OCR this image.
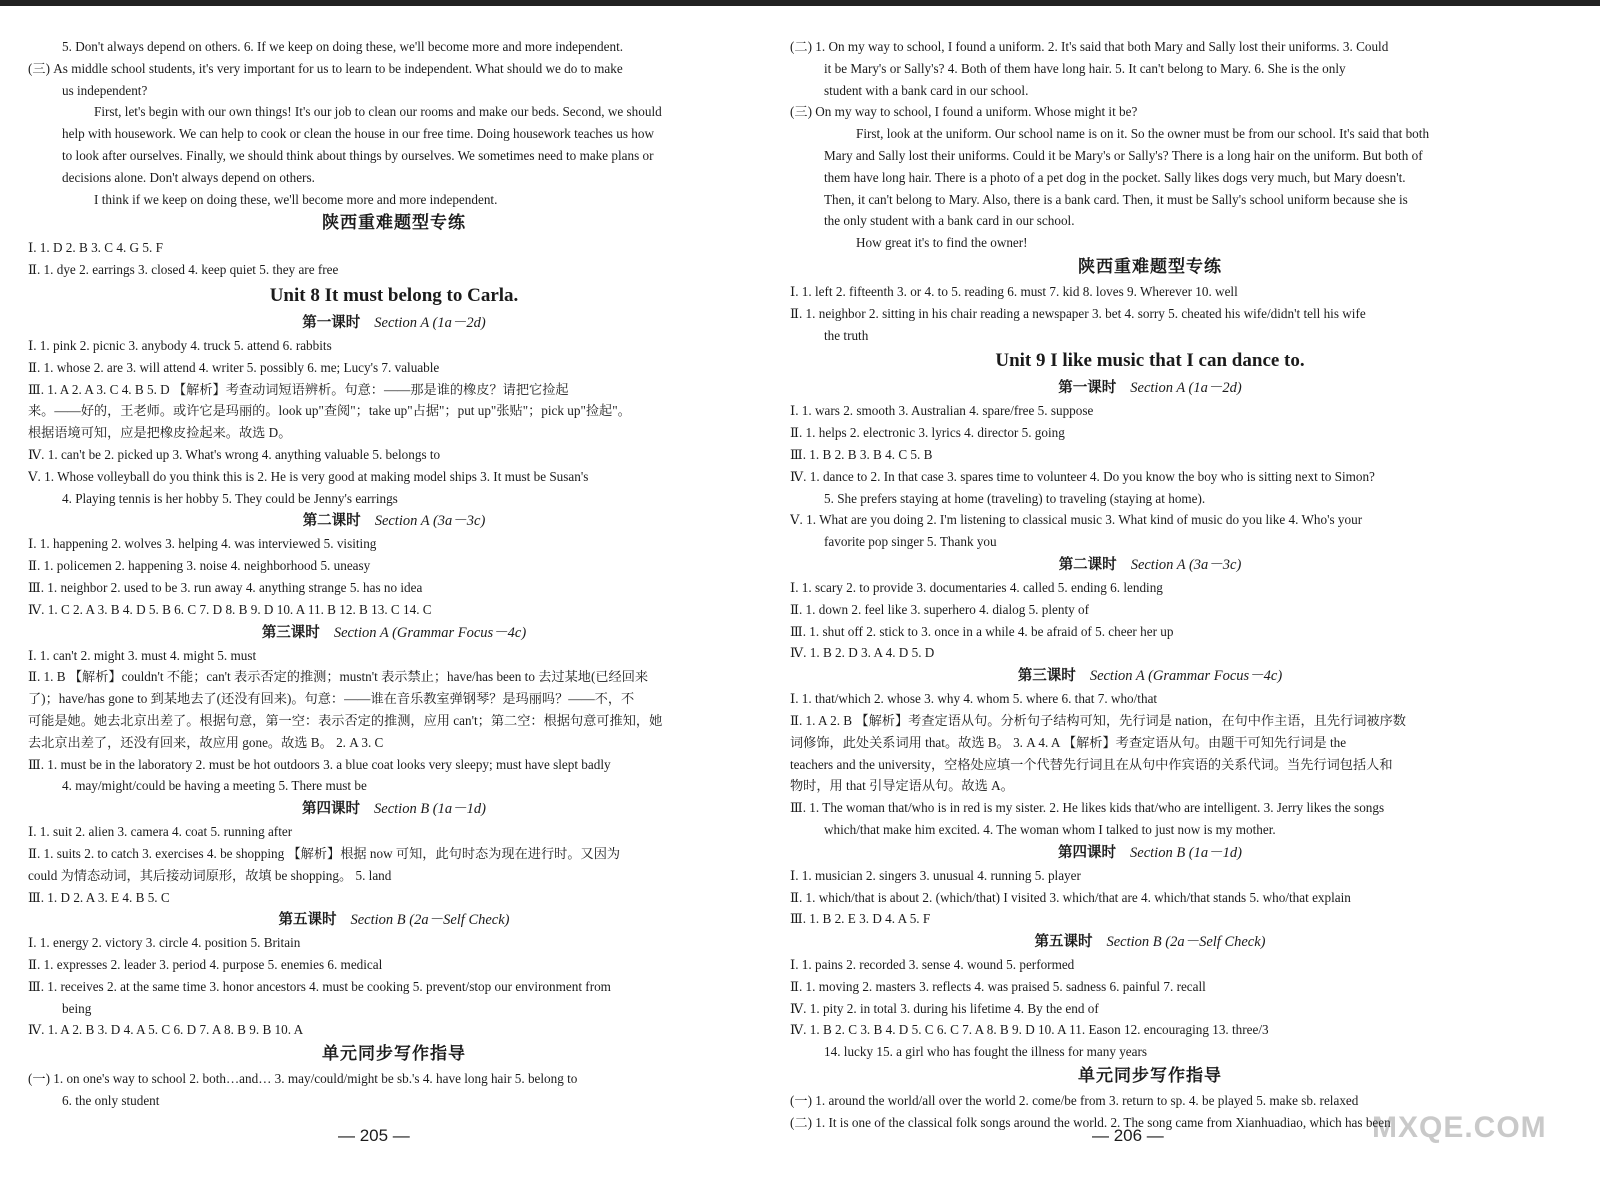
5. Don't always depend on others. 6. If we keep on doing these, we'll become more and more independent.
(三) As middle school students, it's very important for us to learn to be independent. What should we do to make
us independent?
First, let's begin with our own things! It's our job to clean our rooms and make our beds. Second, we should
help with housework. We can help to cook or clean the house in our free time. Doing housework teaches us how
to look after ourselves. Finally, we should think about things by ourselves. We sometimes need to make plans or
decisions alone. Don't always depend on others.
I think if we keep on doing these, we'll become more and more independent.
陕西重难题型专练
Ⅰ. 1. D 2. B 3. C 4. G 5. F
Ⅱ. 1. dye 2. earrings 3. closed 4. keep quiet 5. they are free
Unit 8 It must belong to Carla.
第一课时 Section A (1a－2d)
Ⅰ. 1. pink 2. picnic 3. anybody 4. truck 5. attend 6. rabbits
Ⅱ. 1. whose 2. are 3. will attend 4. writer 5. possibly 6. me; Lucy's 7. valuable
Ⅲ. 1. A 2. A 3. C 4. B 5. D 【解析】考查动词短语辨析。句意：——那是谁的橡皮？请把它捡起
来。——好的，王老师。或许它是玛丽的。look up"查阅"；take up"占据"；put up"张贴"；pick up"捡起"。
根据语境可知，应是把橡皮捡起来。故选 D。
Ⅳ. 1. can't be 2. picked up 3. What's wrong 4. anything valuable 5. belongs to
Ⅴ. 1. Whose volleyball do you think this is 2. He is very good at making model ships 3. It must be Susan's
4. Playing tennis is her hobby 5. They could be Jenny's earrings
第二课时 Section A (3a－3c)
Ⅰ. 1. happening 2. wolves 3. helping 4. was interviewed 5. visiting
Ⅱ. 1. policemen 2. happening 3. noise 4. neighborhood 5. uneasy
Ⅲ. 1. neighbor 2. used to be 3. run away 4. anything strange 5. has no idea
Ⅳ. 1. C 2. A 3. B 4. D 5. B 6. C 7. D 8. B 9. D 10. A 11. B 12. B 13. C 14. C
第三课时 Section A (Grammar Focus－4c)
Ⅰ. 1. can't 2. might 3. must 4. might 5. must
Ⅱ. 1. B 【解析】couldn't 不能；can't 表示否定的推测；mustn't 表示禁止；have/has been to 去过某地(已经回来
了)；have/has gone to 到某地去了(还没有回来)。句意：——谁在音乐教室弹钢琴？是玛丽吗？——不，不
可能是她。她去北京出差了。根据句意，第一空：表示否定的推测，应用 can't；第二空：根据句意可推知，她
去北京出差了，还没有回来，故应用 gone。故选 B。 2. A 3. C
Ⅲ. 1. must be in the laboratory 2. must be hot outdoors 3. a blue coat looks very sleepy; must have slept badly
4. may/might/could be having a meeting 5. There must be
第四课时 Section B (1a－1d)
Ⅰ. 1. suit 2. alien 3. camera 4. coat 5. running after
Ⅱ. 1. suits 2. to catch 3. exercises 4. be shopping 【解析】根据 now 可知，此句时态为现在进行时。又因为
could 为情态动词，其后接动词原形，故填 be shopping。 5. land
Ⅲ. 1. D 2. A 3. E 4. B 5. C
第五课时 Section B (2a－Self Check)
Ⅰ. 1. energy 2. victory 3. circle 4. position 5. Britain
Ⅱ. 1. expresses 2. leader 3. period 4. purpose 5. enemies 6. medical
Ⅲ. 1. receives 2. at the same time 3. honor ancestors 4. must be cooking 5. prevent/stop our environment from
being
Ⅳ. 1. A 2. B 3. D 4. A 5. C 6. D 7. A 8. B 9. B 10. A
单元同步写作指导
(一) 1. on one's way to school 2. both…and… 3. may/could/might be sb.'s 4. have long hair 5. belong to
6. the only student
(二) 1. On my way to school, I found a uniform. 2. It's said that both Mary and Sally lost their uniforms. 3. Could
it be Mary's or Sally's? 4. Both of them have long hair. 5. It can't belong to Mary. 6. She is the only
student with a bank card in our school.
(三) On my way to school, I found a uniform. Whose might it be?
First, look at the uniform. Our school name is on it. So the owner must be from our school. It's said that both
Mary and Sally lost their uniforms. Could it be Mary's or Sally's? There is a long hair on the uniform. But both of
them have long hair. There is a photo of a pet dog in the pocket. Sally likes dogs very much, but Mary doesn't.
Then, it can't belong to Mary. Also, there is a bank card. Then, it must be Sally's school uniform because she is
the only student with a bank card in our school.
How great it's to find the owner!
陕西重难题型专练
Ⅰ. 1. left 2. fifteenth 3. or 4. to 5. reading 6. must 7. kid 8. loves 9. Wherever 10. well
Ⅱ. 1. neighbor 2. sitting in his chair reading a newspaper 3. bet 4. sorry 5. cheated his wife/didn't tell his wife
the truth
Unit 9 I like music that I can dance to.
第一课时 Section A (1a－2d)
Ⅰ. 1. wars 2. smooth 3. Australian 4. spare/free 5. suppose
Ⅱ. 1. helps 2. electronic 3. lyrics 4. director 5. going
Ⅲ. 1. B 2. B 3. B 4. C 5. B
Ⅳ. 1. dance to 2. In that case 3. spares time to volunteer 4. Do you know the boy who is sitting next to Simon?
5. She prefers staying at home (traveling) to traveling (staying at home).
Ⅴ. 1. What are you doing 2. I'm listening to classical music 3. What kind of music do you like 4. Who's your
favorite pop singer 5. Thank you
第二课时 Section A (3a－3c)
Ⅰ. 1. scary 2. to provide 3. documentaries 4. called 5. ending 6. lending
Ⅱ. 1. down 2. feel like 3. superhero 4. dialog 5. plenty of
Ⅲ. 1. shut off 2. stick to 3. once in a while 4. be afraid of 5. cheer her up
Ⅳ. 1. B 2. D 3. A 4. D 5. D
第三课时 Section A (Grammar Focus－4c)
Ⅰ. 1. that/which 2. whose 3. why 4. whom 5. where 6. that 7. who/that
Ⅱ. 1. A 2. B 【解析】考查定语从句。分析句子结构可知，先行词是 nation，在句中作主语，且先行词被序数
词修饰，此处关系词用 that。故选 B。 3. A 4. A 【解析】考查定语从句。由题干可知先行词是 the
teachers and the university，空格处应填一个代替先行词且在从句中作宾语的关系代词。当先行词包括人和
物时，用 that 引导定语从句。故选 A。
Ⅲ. 1. The woman that/who is in red is my sister. 2. He likes kids that/who are intelligent. 3. Jerry likes the songs
which/that make him excited. 4. The woman whom I talked to just now is my mother.
第四课时 Section B (1a－1d)
Ⅰ. 1. musician 2. singers 3. unusual 4. running 5. player
Ⅱ. 1. which/that is about 2. (which/that) I visited 3. which/that are 4. which/that stands 5. who/that explain
Ⅲ. 1. B 2. E 3. D 4. A 5. F
第五课时 Section B (2a－Self Check)
Ⅰ. 1. pains 2. recorded 3. sense 4. wound 5. performed
Ⅱ. 1. moving 2. masters 3. reflects 4. was praised 5. sadness 6. painful 7. recall
Ⅳ. 1. pity 2. in total 3. during his lifetime 4. By the end of
Ⅳ. 1. B 2. C 3. B 4. D 5. C 6. C 7. A 8. B 9. D 10. A 11. Eason 12. encouraging 13. three/3
14. lucky 15. a girl who has fought the illness for many years
单元同步写作指导
(一) 1. around the world/all over the world 2. come/be from 3. return to sp. 4. be played 5. make sb. relaxed
(二) 1. It is one of the classical folk songs around the world. 2. The song came from Xianhuadiao, which has been
— 205 —	— 206 —	MXQE.COM
